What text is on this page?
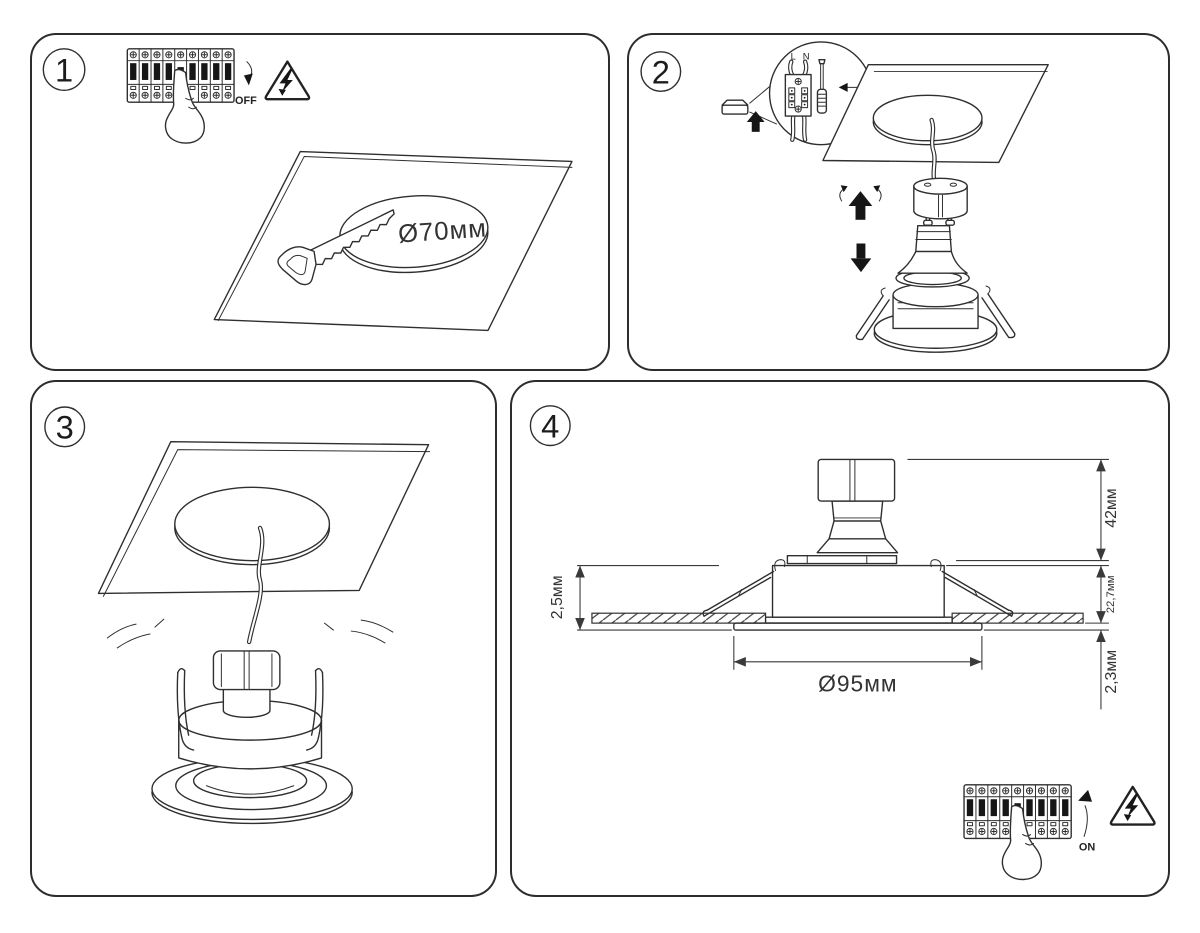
1
OFF
Ø70мм
2	L N
3	4
42мм
22,7мм
2,3мм
2,5мм
Ø95мм
ON
